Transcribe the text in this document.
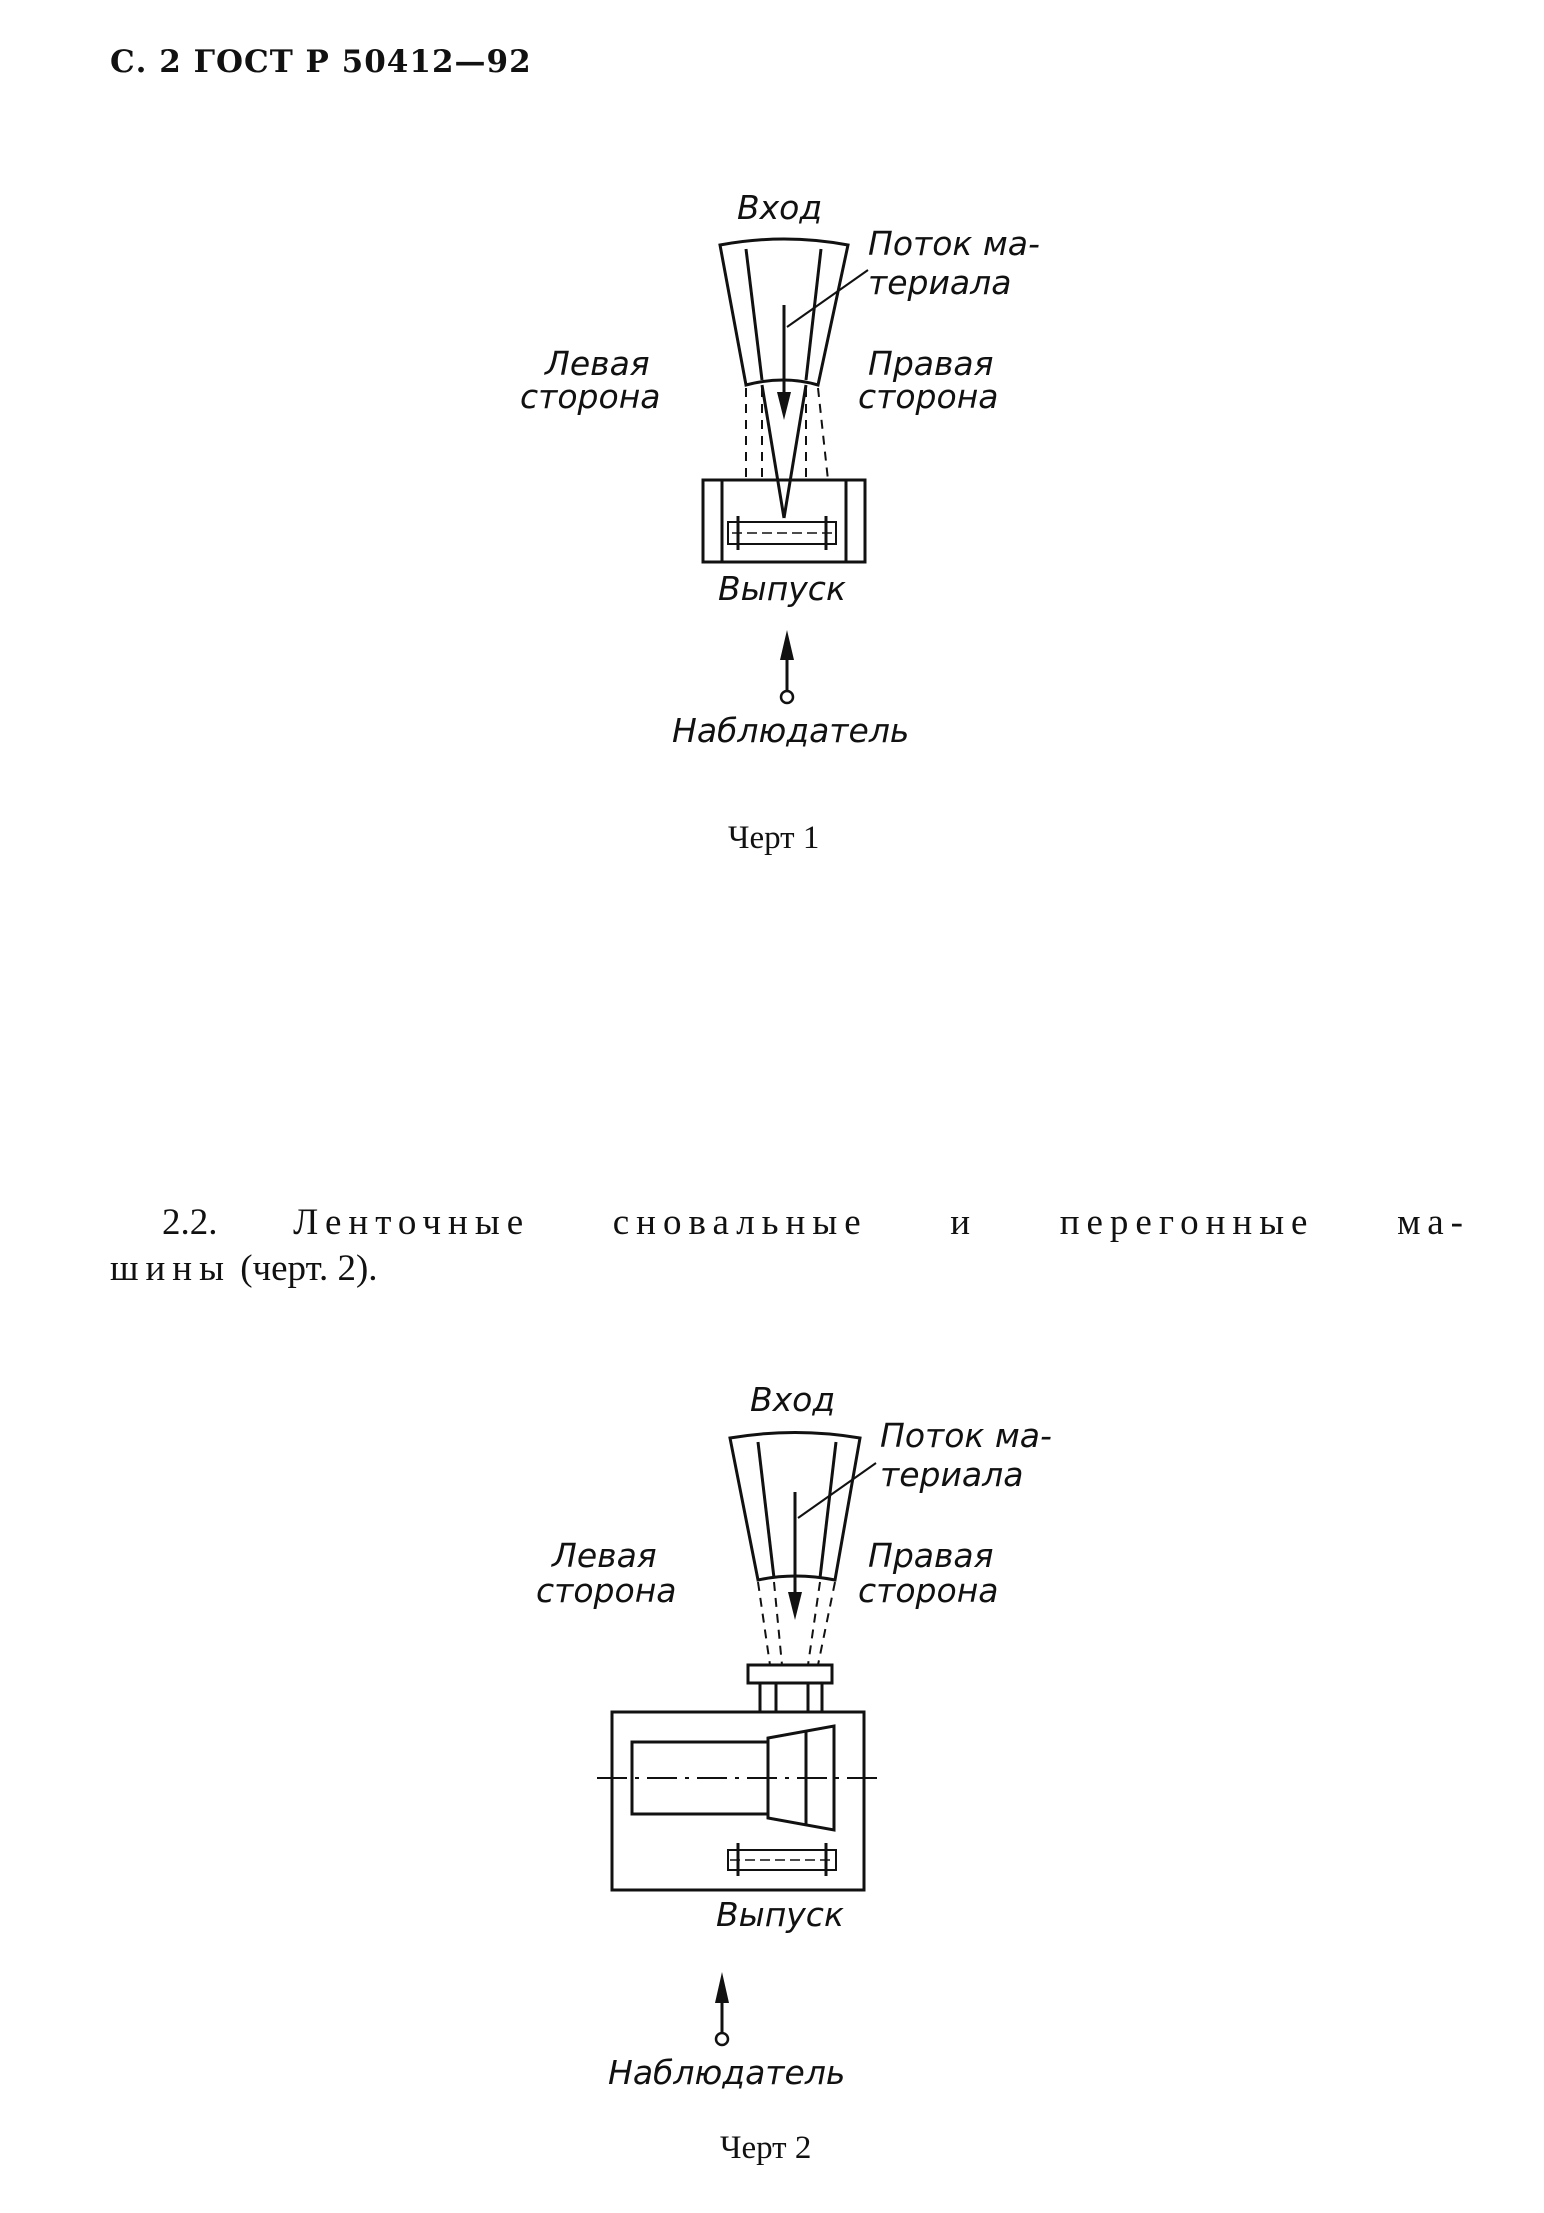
С. 2 ГОСТ Р 50412—92
Вход
Поток ма-
териала
Левая
сторона
Правая
сторона
Выпуск
Наблюдатель
Черт 1
2.2. Ленточные сновальные и перегонные ма-
шины (черт. 2).
Вход
Поток ма-
териала
Левая
сторона
Правая
сторона
Выпуск
Наблюдатель
Черт 2
